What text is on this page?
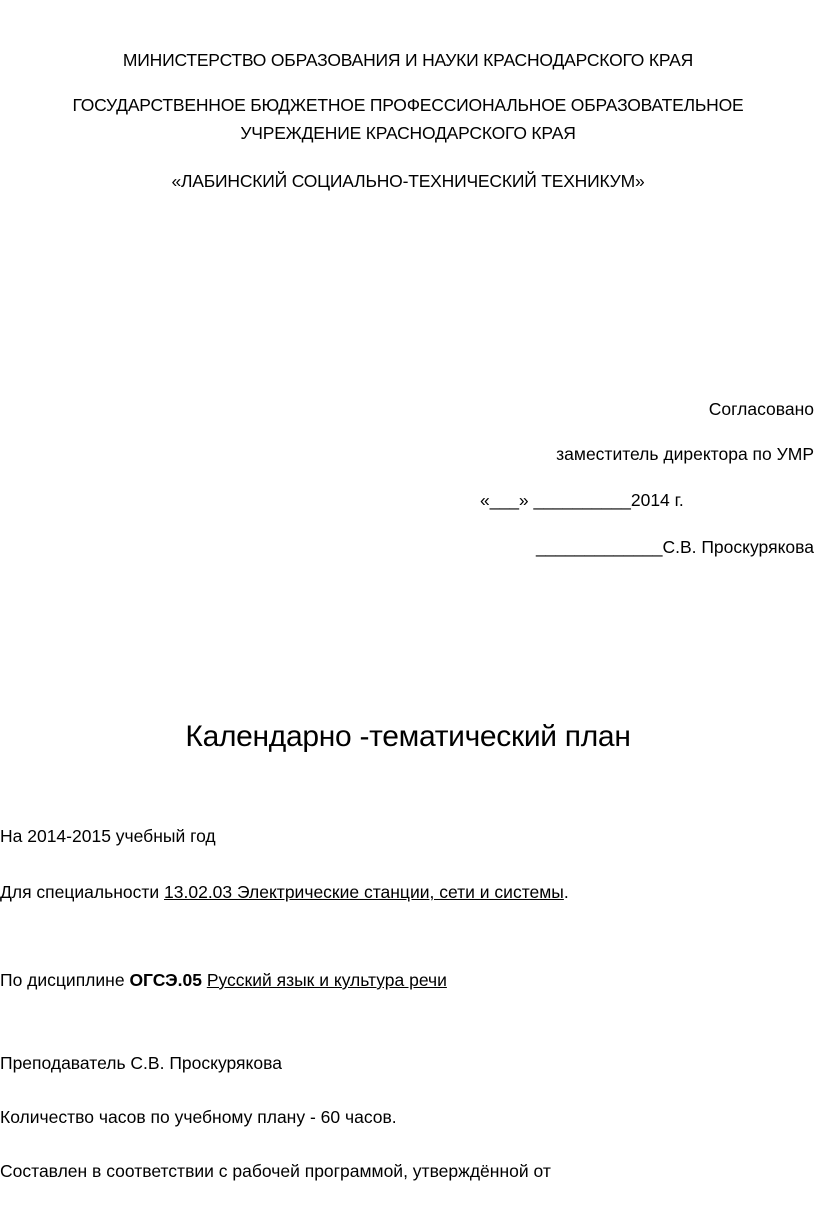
МИНИСТЕРСТВО ОБРАЗОВАНИЯ И НАУКИ КРАСНОДАРСКОГО КРАЯ
ГОСУДАРСТВЕННОЕ БЮДЖЕТНОЕ ПРОФЕССИОНАЛЬНОЕ ОБРАЗОВАТЕЛЬНОЕ
УЧРЕЖДЕНИЕ КРАСНОДАРСКОГО КРАЯ
«ЛАБИНСКИЙ СОЦИАЛЬНО-ТЕХНИЧЕСКИЙ ТЕХНИКУМ»
Согласовано
заместитель директора по УМР
«___» __________2014 г.
_____________С.В. Проскурякова
Календарно -тематический план
На 2014-2015 учебный год
Для специальности 13.02.03 Электрические станции, сети и системы.
По дисциплине ОГСЭ.05 Русский язык и культура речи
Преподаватель С.В. Проскурякова
Количество часов по учебному плану - 60 часов.
Составлен в соответствии с рабочей программой, утверждённой от
